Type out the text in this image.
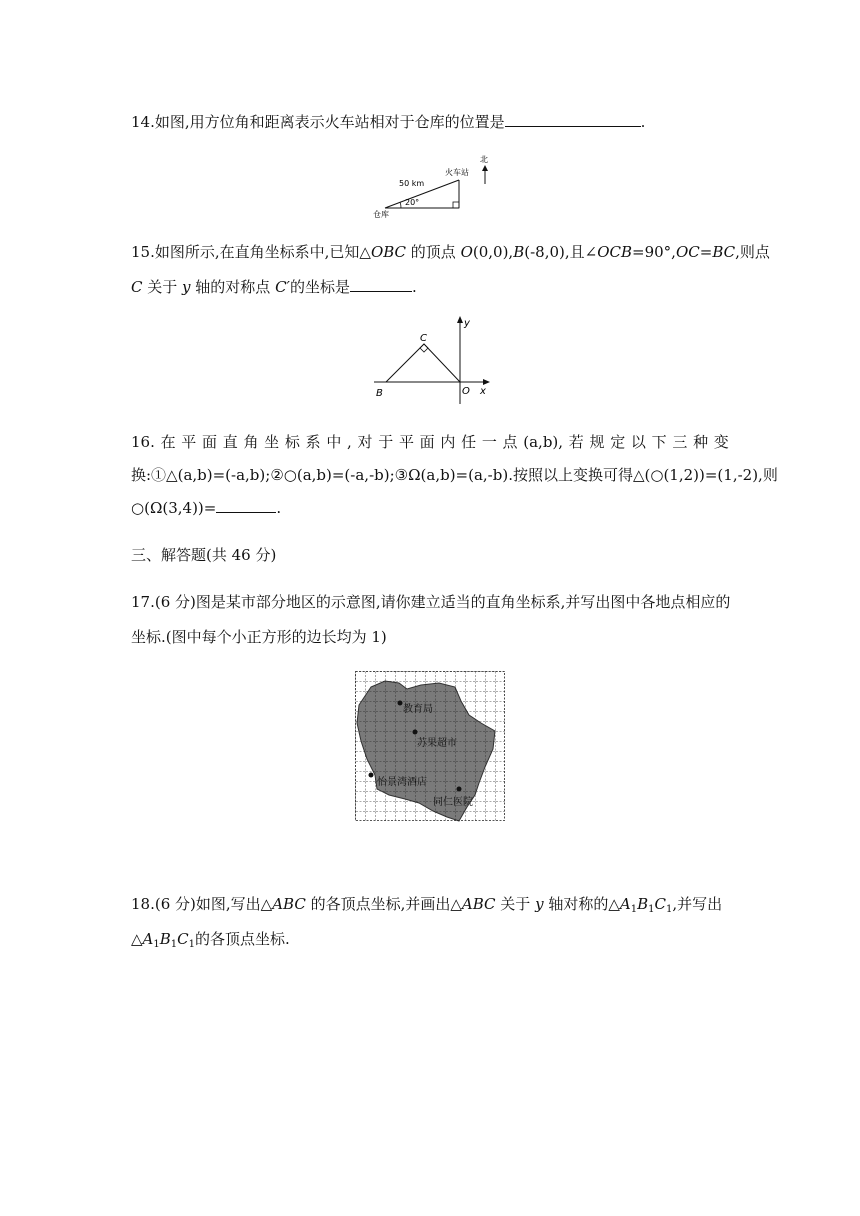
14.如图,用方位角和距离表示火车站相对于仓库的位置是	.
北
火车站
50 km
20°
仓库
15.如图所示,在直角坐标系中,已知△OBC 的顶点 O(0,0),B(-8,0),且∠OCB=90°,OC=BC,则点
C 关于 y 轴的对称点 C′的坐标是	.
C
y
B	O x
16. 在 平 面 直 角 坐 标 系 中 , 对 于 平 面 内 任 一 点 (a,b), 若 规 定 以 下 三 种 变
换:①△(a,b)=(-a,b);②○(a,b)=(-a,-b);③Ω(a,b)=(a,-b).按照以上变换可得△(○(1,2))=(1,-2),则
○(Ω(3,4))=	.
三、解答题(共 46 分)
17.(6 分)图是某市部分地区的示意图,请你建立适当的直角坐标系,并写出图中各地点相应的
坐标.(图中每个小正方形的边长均为 1)
教育局
苏果超市
怡景湾酒店
同仁医院
18.(6 分)如图,写出△ABC 的各顶点坐标,并画出△ABC 关于 y 轴对称的$\triangle A_1B_1C_1$,并写出
$\triangle A_1B_1C_1$的各顶点坐标.
